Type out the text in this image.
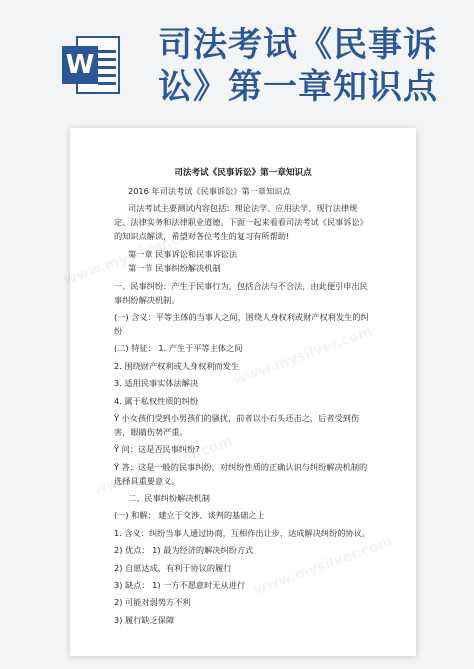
W 司法考试《民事诉讼》第一章知识点
司法考试《民事诉讼》第一章知识点

2016 年司法考试《民事诉讼》第一章知识点

司法考试主要测试内容包括：理论法学、应用法学、现行法律规定、法律实务和法律职业道德。下面一起来看看司法考试《民事诉讼》的知识点解读，希望对各位考生的复习有所帮助!

第一章 民事诉讼和民事诉讼法

第一节 民事纠纷解决机制

一、民事纠纷：产生于民事行为，包括合法与不合法，由此便引申出民事纠纷解决机制。

(一) 含义：平等主体的当事人之间，围绕人身权利或财产权利发生的纠纷

(二) 特征： 1. 产生于平等主体之间

2. 围绕财产权利或人身权利而发生

3. 适用民事实体法解决

4. 属于私权性质的纠纷

Ÿ 小女孩们受到小男孩们的骚扰，前者以小石头还击之，后者受到伤害，眼睛伤势严重。

Ÿ 问：这是否民事纠纷?

Ÿ 答：这是一般的民事纠纷，对纠纷性质的正确认识与纠纷解决机制的选择具重要意义。

二、民事纠纷解决机制

(一) 和解： 建立于交涉、谈判的基础之上

1. 含义：纠纷当事人通过协商，互相作出让步，达成解决纠纷的协议。

2) 优点： 1) 最为经济的解决纠纷方式

2) 自愿达成，有利于协议的履行

3) 缺点： 1) 一方不愿意时无从进行

2) 可能对弱势方不利

3) 履行缺乏保障
